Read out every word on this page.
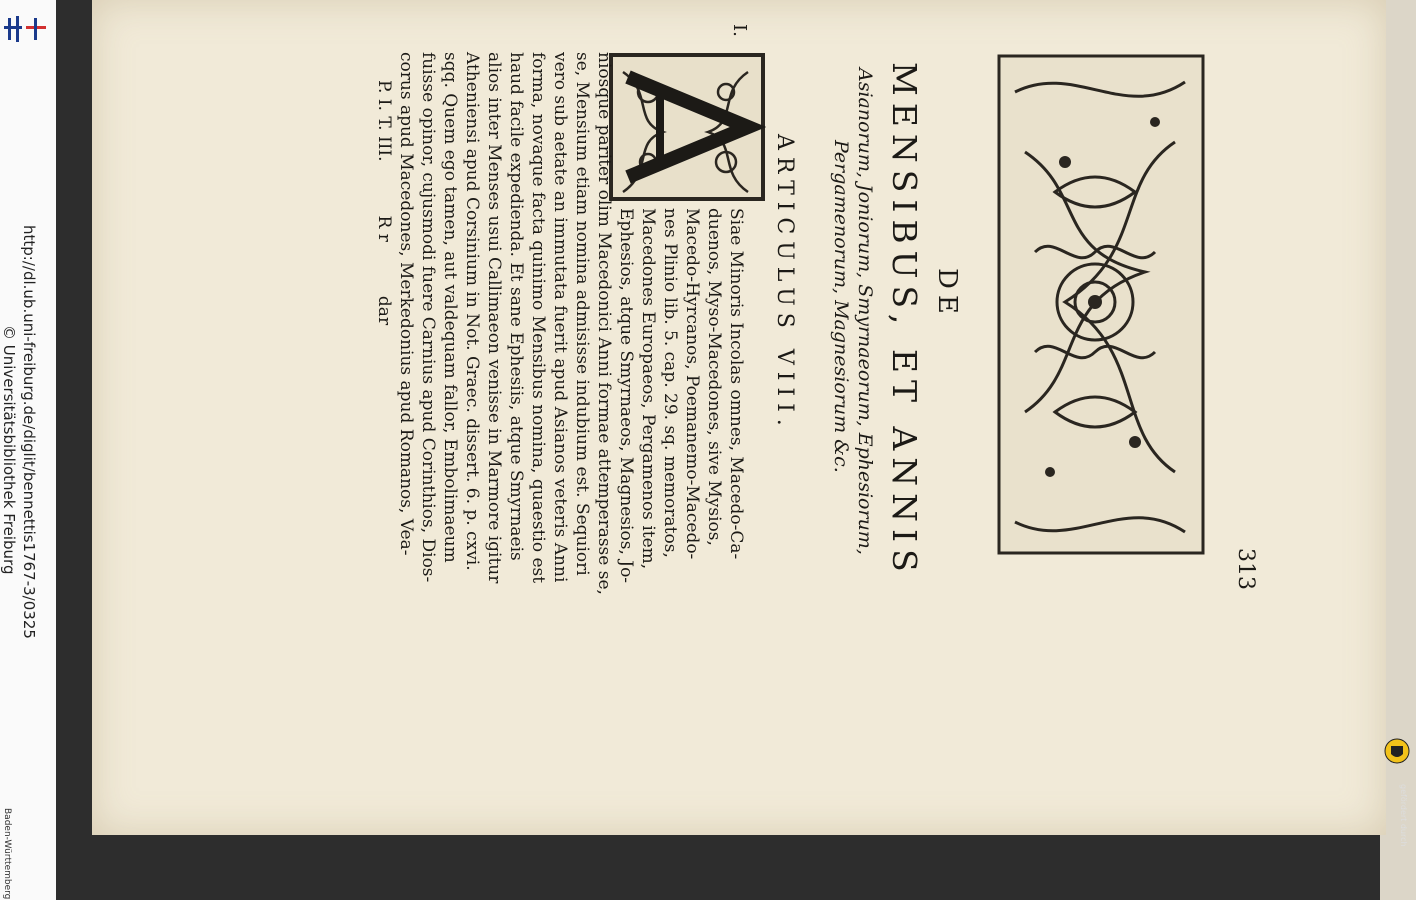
http://dl.ub.uni-freiburg.de/diglit/bennettis1767-3/0325
© Universitätsbibliothek Freiburg	313
DE
MENSIBUS, ET ANNIS
Asianorum, Joniorum, Smyrnaeorum, Ephesiorum,
Pergamenorum, Magnesiorum &c.
ARTICULUS VIII.
I.
Siae Minoris Incolas omnes, Macedo-Ca-
duenos, Myso-Macedones, sive Mysios,
Macedo-Hyrcanos, Poemanemo-Macedo-
nes Plinio lib. 5. cap. 29. sq. memoratos,
Macedones Europaeos, Pergamenos item,
Ephesios, atque Smyrnaeos, Magnesios, Jo-
niosque pariter olim Macedonici Anni formae attemperasse se,
se, Mensium etiam nomina admisisse indubium est. Sequiori
vero sub aetate an immutata fuerit apud Asianos veteris Anni
forma, novaque facta quinimo Mensibus nomina, quaestio est
haud facile expedienda. Et sane Ephesiis, atque Smyrnaeis
alios inter Menses usui Callimaeon venisse in Marmore igitur
Atheniensi apud Corsinium in Not. Graec. dissert. 6. p. cxvi.
sqq. Quem ego tamen, aut valdequam fallor, Embolimaeum
fuisse opinor, cujusmodi fuere Carnius apud Corinthios, Dios-
corus apud Macedones, Merkedonius apud Romanos, Vea-
P. I. T. III.          R r          dar
gefördert durch
Baden-Württemberg
